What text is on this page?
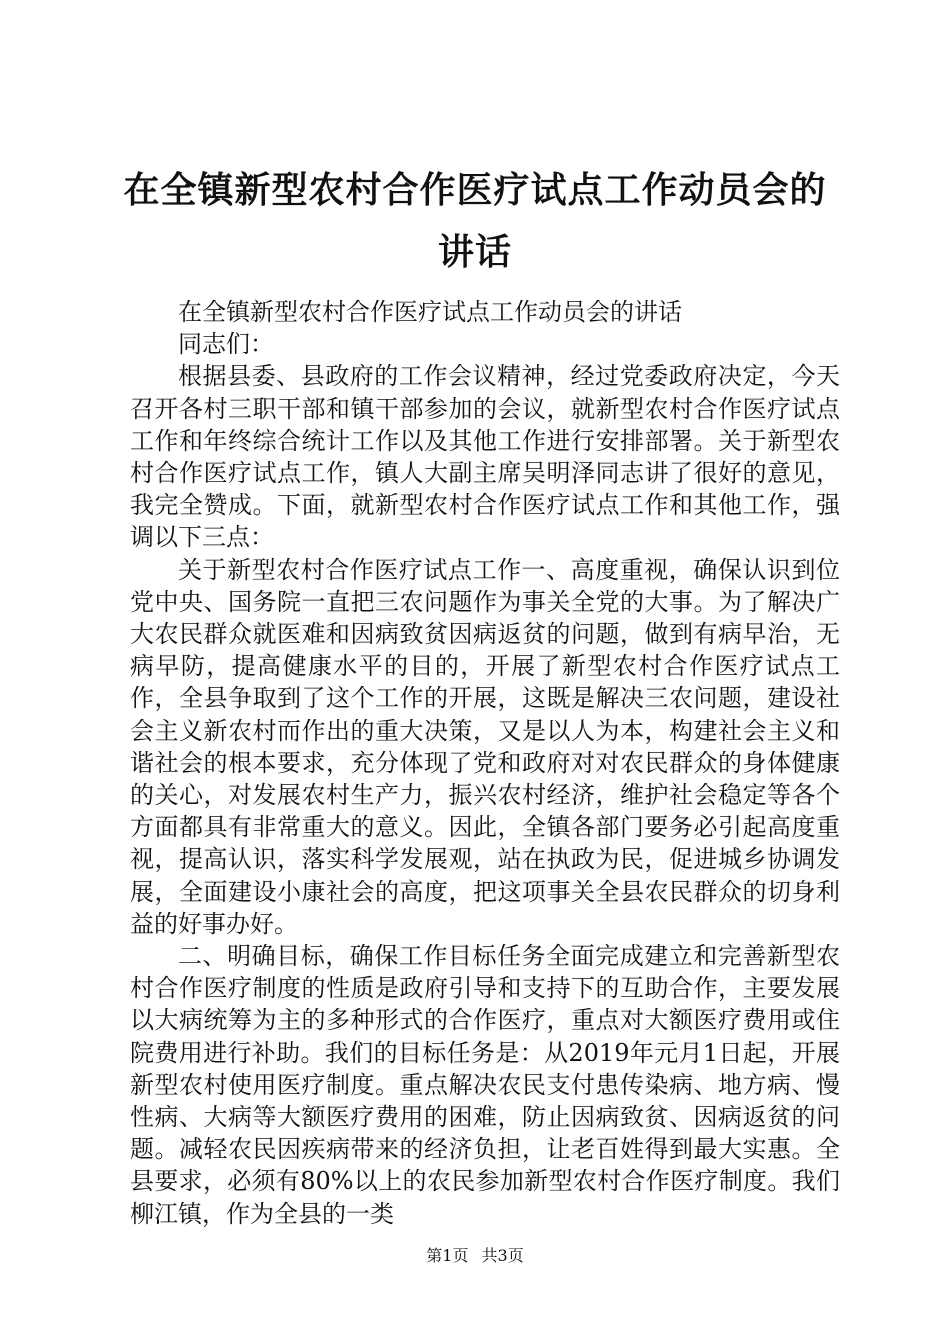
在全镇新型农村合作医疗试点工作动员会的讲话

在全镇新型农村合作医疗试点工作动员会的讲话

同志们：

根据县委、县政府的工作会议精神，经过党委政府决定，今天召开各村三职干部和镇干部参加的会议，就新型农村合作医疗试点工作和年终综合统计工作以及其他工作进行安排部署。关于新型农村合作医疗试点工作，镇人大副主席吴明泽同志讲了很好的意见，我完全赞成。下面，就新型农村合作医疗试点工作和其他工作，强调以下三点：

关于新型农村合作医疗试点工作一、高度重视，确保认识到位党中央、国务院一直把三农问题作为事关全党的大事。为了解决广大农民群众就医难和因病致贫因病返贫的问题，做到有病早治，无病早防，提高健康水平的目的，开展了新型农村合作医疗试点工作，全县争取到了这个工作的开展，这既是解决三农问题，建设社会主义新农村而作出的重大决策，又是以人为本，构建社会主义和谐社会的根本要求，充分体现了党和政府对对农民群众的身体健康的关心，对发展农村生产力，振兴农村经济，维护社会稳定等各个方面都具有非常重大的意义。因此，全镇各部门要务必引起高度重视，提高认识，落实科学发展观，站在执政为民，促进城乡协调发展，全面建设小康社会的高度，把这项事关全县农民群众的切身利益的好事办好。

二、明确目标，确保工作目标任务全面完成建立和完善新型农村合作医疗制度的性质是政府引导和支持下的互助合作，主要发展以大病统筹为主的多种形式的合作医疗，重点对大额医疗费用或住院费用进行补助。我们的目标任务是：从2019年元月1日起，开展新型农村使用医疗制度。重点解决农民支付患传染病、地方病、慢性病、大病等大额医疗费用的困难，防止因病致贫、因病返贫的问题。减轻农民因疾病带来的经济负担，让老百姓得到最大实惠。全县要求，必须有80%以上的农民参加新型农村合作医疗制度。我们柳江镇，作为全县的一类

第1页 共3页
